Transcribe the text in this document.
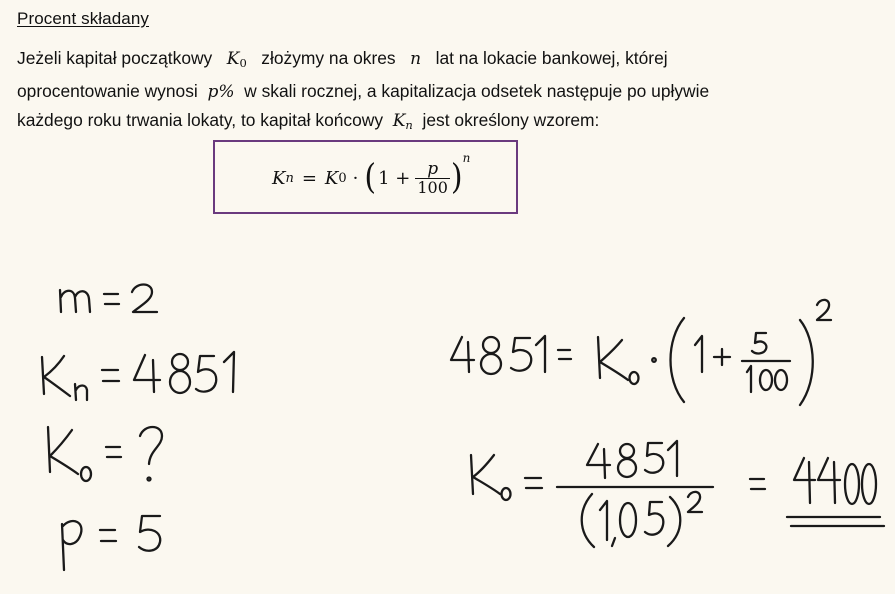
Procent składany
Jeżeli kapitał początkowy $K_0$ złożymy na okres n lat na lokacie bankowej, której
oprocentowanie wynosi p% w skali rocznej, a kapitalizacja odsetek następuje po upływie
każdego roku trwania lokaty, to kapitał końcowy $K_n$ jest określony wzorem:
K n = K 0 · ( $1 + \frac{p}{100}$ ) n
